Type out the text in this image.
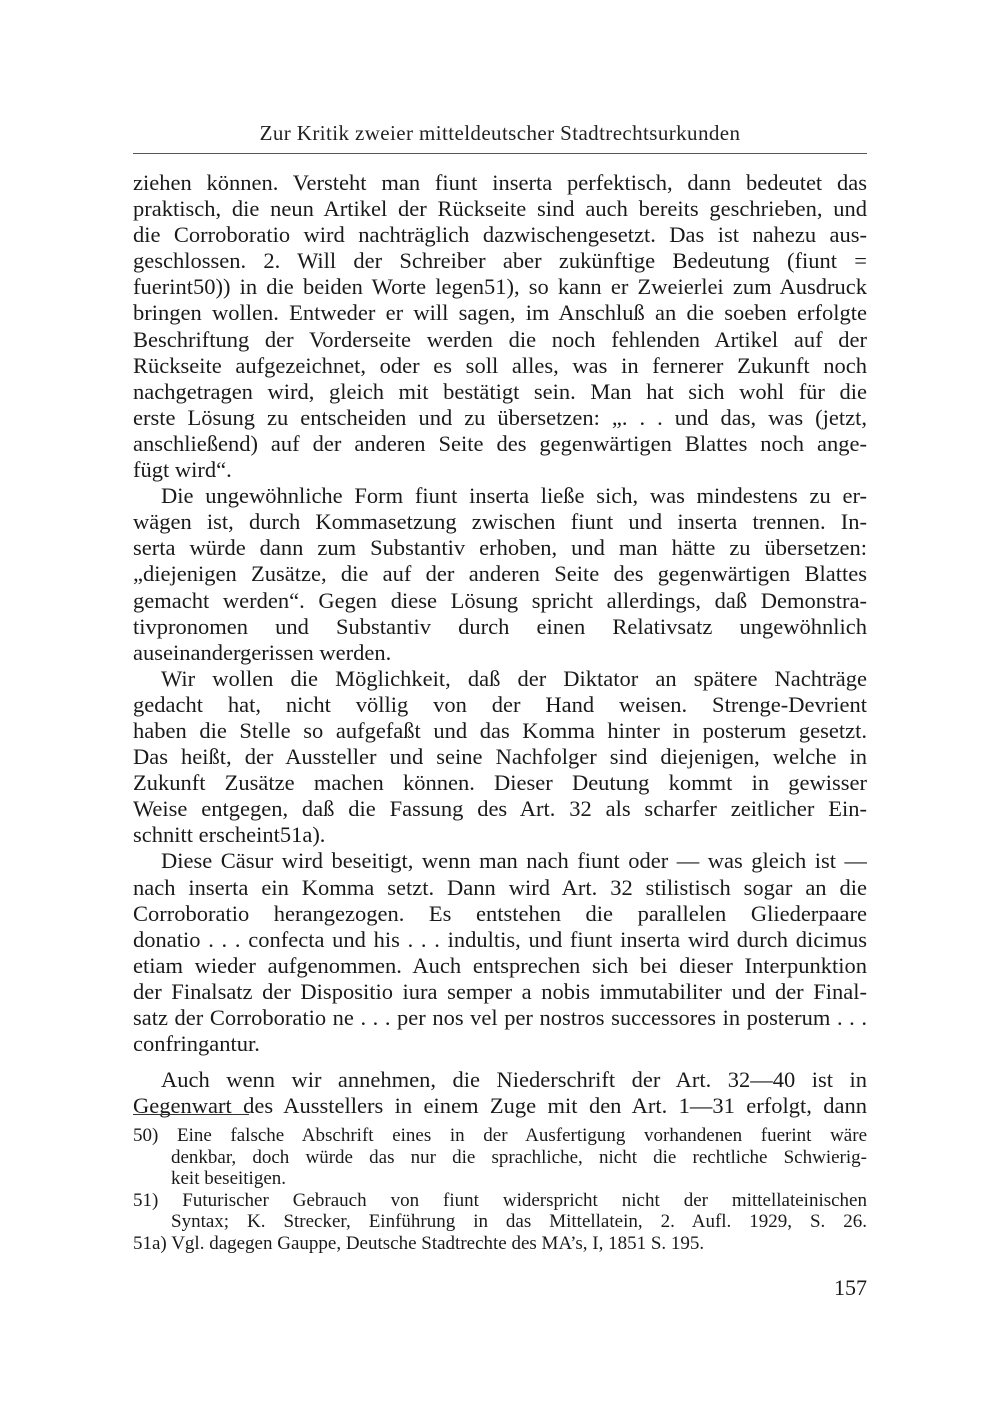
Zur Kritik zweier mitteldeutscher Stadtrechtsurkunden
ziehen können. Versteht man fiunt inserta perfektisch, dann bedeutet das
praktisch, die neun Artikel der Rückseite sind auch bereits geschrieben, und
die Corroboratio wird nachträglich dazwischengesetzt. Das ist nahezu aus-
geschlossen. 2. Will der Schreiber aber zukünftige Bedeutung (fiunt =
fuerint50)) in die beiden Worte legen51), so kann er Zweierlei zum Ausdruck
bringen wollen. Entweder er will sagen, im Anschluß an die soeben erfolgte
Beschriftung der Vorderseite werden die noch fehlenden Artikel auf der
Rückseite aufgezeichnet, oder es soll alles, was in fernerer Zukunft noch
nachgetragen wird, gleich mit bestätigt sein. Man hat sich wohl für die
erste Lösung zu entscheiden und zu übersetzen: „. . . und das, was (jetzt,
anschließend) auf der anderen Seite des gegenwärtigen Blattes noch ange-
fügt wird“.
Die ungewöhnliche Form fiunt inserta ließe sich, was mindestens zu er-
wägen ist, durch Kommasetzung zwischen fiunt und inserta trennen. In-
serta würde dann zum Substantiv erhoben, und man hätte zu übersetzen:
„diejenigen Zusätze, die auf der anderen Seite des gegenwärtigen Blattes
gemacht werden“. Gegen diese Lösung spricht allerdings, daß Demonstra-
tivpronomen und Substantiv durch einen Relativsatz ungewöhnlich
auseinandergerissen werden.
Wir wollen die Möglichkeit, daß der Diktator an spätere Nachträge
gedacht hat, nicht völlig von der Hand weisen. Strenge-Devrient
haben die Stelle so aufgefaßt und das Komma hinter in posterum gesetzt.
Das heißt, der Aussteller und seine Nachfolger sind diejenigen, welche in
Zukunft Zusätze machen können. Dieser Deutung kommt in gewisser
Weise entgegen, daß die Fassung des Art. 32 als scharfer zeitlicher Ein-
schnitt erscheint51a).
Diese Cäsur wird beseitigt, wenn man nach fiunt oder — was gleich ist —
nach inserta ein Komma setzt. Dann wird Art. 32 stilistisch sogar an die
Corroboratio herangezogen. Es entstehen die parallelen Gliederpaare
donatio . . . confecta und his . . . indultis, und fiunt inserta wird durch dicimus
etiam wieder aufgenommen. Auch entsprechen sich bei dieser Interpunktion
der Finalsatz der Dispositio iura semper a nobis immutabiliter und der Final-
satz der Corroboratio ne . . . per nos vel per nostros successores in posterum . . .
confringantur.
Auch wenn wir annehmen, die Niederschrift der Art. 32—40 ist in
Gegenwart des Ausstellers in einem Zuge mit den Art. 1—31 erfolgt, dann
50) Eine falsche Abschrift eines in der Ausfertigung vorhandenen fuerint wäre
denkbar, doch würde das nur die sprachliche, nicht die rechtliche Schwierig-
keit beseitigen.
51) Futurischer Gebrauch von fiunt widerspricht nicht der mittellateinischen
Syntax; K. Strecker, Einführung in das Mittellatein, 2. Aufl. 1929, S. 26.
51a) Vgl. dagegen Gauppe, Deutsche Stadtrechte des MA’s, I, 1851 S. 195.
157
